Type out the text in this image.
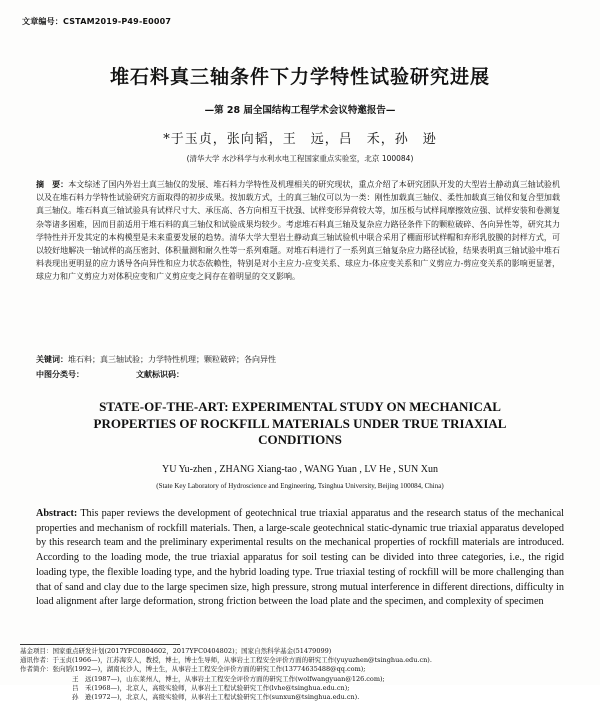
文章编号：CSTAM2019-P49-E0007
堆石料真三轴条件下力学特性试验研究进展
—第 28 届全国结构工程学术会议特邀报告—
*于玉贞，张向韬，王　远，吕　禾，孙　逊
(清华大学 水沙科学与水利水电工程国家重点实验室，北京 100084)
摘　要：本文综述了国内外岩土真三轴仪的发展、堆石料力学特性及机理相关的研究现状，重点介绍了本研究团队开发的大型岩土静动真三轴试验机以及在堆石料力学特性试验研究方面取得的初步成果。按加载方式，土的真三轴仪可以为一类：刚性加载真三轴仪、柔性加载真三轴仪和复合型加载真三轴仪。堆石料真三轴试验具有试样尺寸大、承压高、各方向相互干扰强、试样变形异荷较大等，加压板与试样间摩擦效应强、试样安装和卷测复杂等诸多困难，因而目前适用于堆石料的真三轴仪和试验成果均较少。考虑堆石料真三轴及复杂应力路径条件下的颗粒破碎、各向异性等，研究其力学特性并开发其定的本构模型是未来重要发展的趋势。清华大学大型岩土静动真三轴试验机中联合采用了棚面形试样帽和弃形乳胶膜的封样方式，可以较好地解决一轴试样的高压密封、体积量测和耐久性等一系列难题。对堆石料进行了一系列真三轴复杂应力路径试验，结果表明真三轴试验中堆石料表现出更明显的应力诱导各向异性和应力状态依赖性，特别是对小主应力-应变关系、球应力-体应变关系和广义剪应力-剪应变关系的影响更显著，球应力和广义剪应力对体积应变和广义剪应变之间存在着明显的交叉影响。
关键词：堆石料；真三轴试验；力学特性机理；颗粒破碎；各向异性
中图分类号：	文献标识码：
STATE-OF-THE-ART: EXPERIMENTAL STUDY ON MECHANICAL
PROPERTIES OF ROCKFILL MATERIALS UNDER TRUE TRIAXIAL
CONDITIONS
YU Yu-zhen , ZHANG Xiang-tao , WANG Yuan , LV He , SUN Xun
(State Key Laboratory of Hydroscience and Engineering, Tsinghua University, Beijing 100084, China)
Abstract: This paper reviews the development of geotechnical true triaxial apparatus and the research status of the mechanical properties and mechanism of rockfill materials. Then, a large-scale geotechnical static-dynamic true triaxial apparatus developed by this research team and the preliminary experimental results on the mechanical properties of rockfill materials are introduced. According to the loading mode, the true triaxial apparatus for soil testing can be divided into three categories, i.e., the rigid loading type, the flexible loading type, and the hybrid loading type. True triaxial testing of rockfill will be more challenging than that of sand and clay due to the large specimen size, high pressure, strong mutual interference in different directions, difficulty in load alignment after large deformation, strong friction between the load plate and the specimen, and complexity of specimen
基金项目：国家重点研发计划(2017YFC0804602，2017YFC0404802)；国家自然科学基金(51479099)
通讯作者：于玉贞(1966—)，江苏海安人，教授，博士，博士生导师，从事岩土工程安全评价方面的研究工作(yuyuzhen@tsinghua.edu.cn).
作者简介：张向韬(1992—)，湖南长沙人，博士生，从事岩土工程安全评价方面的研究工作(13774635488@qq.com);
王　远(1987—)，山东莱州人，博士，从事岩土工程安全评价方面的研究工作(wolfwangyuan@126.com);
吕　禾(1968—)，北京人，高级实验师，从事岩土工程试验研究工作(lvhe@tsinghua.edu.cn);
孙　逊(1972—)，北京人，高级实验师，从事岩土工程试验研究工作(sunxun@tsinghua.edu.cn).
